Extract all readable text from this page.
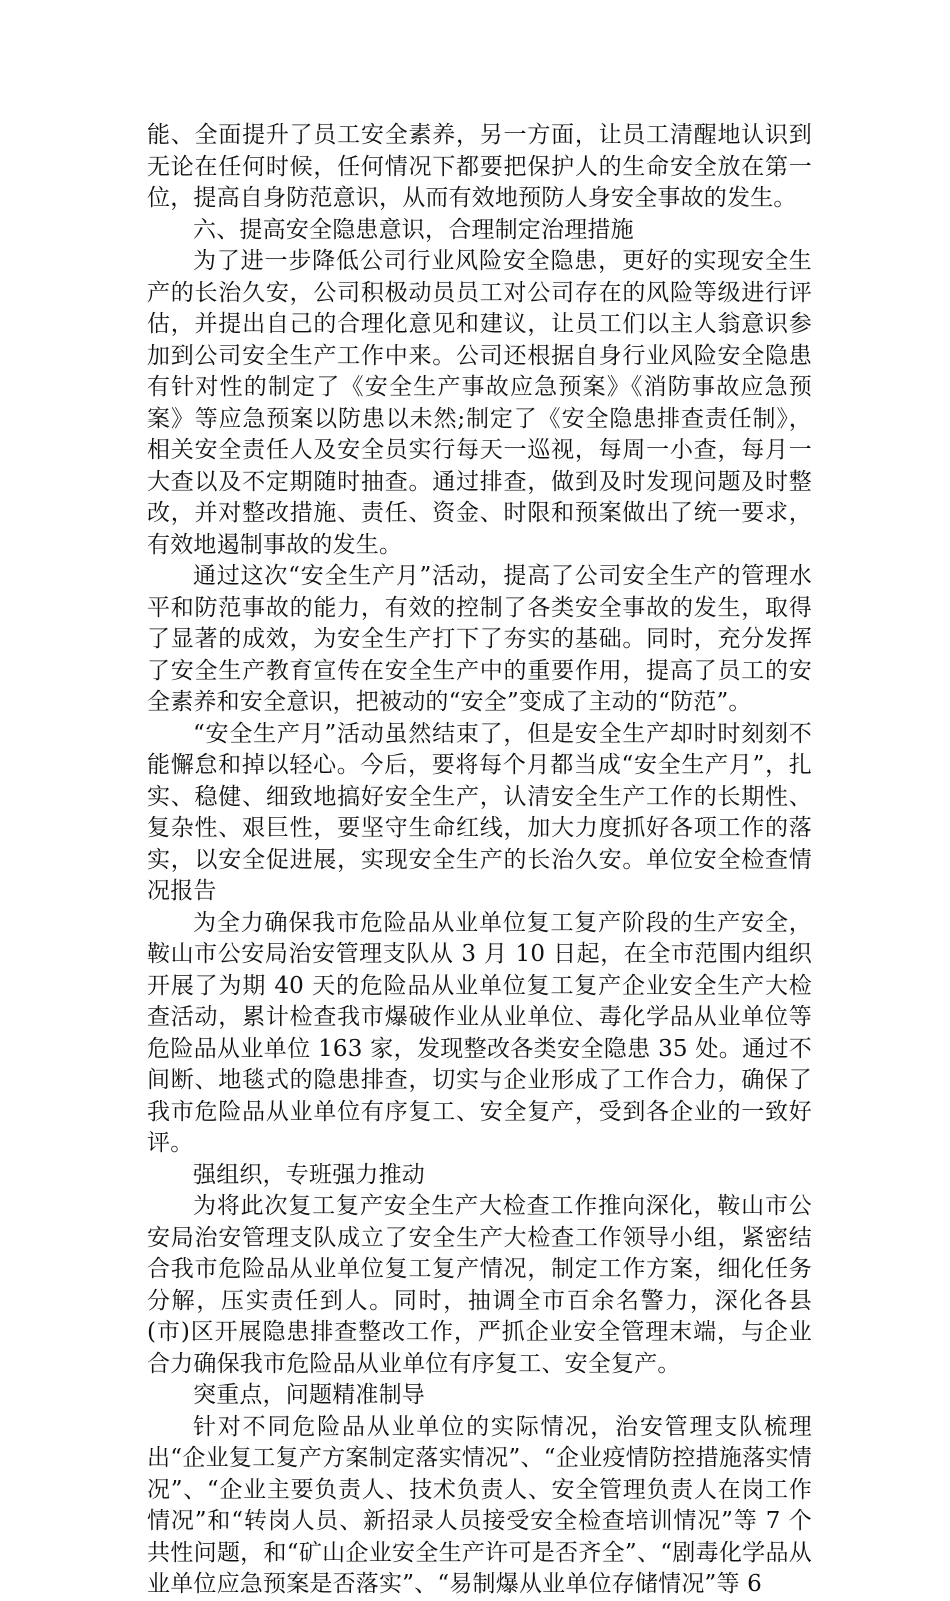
能、全面提升了员工安全素养，另一方面，让员工清醒地认识到无论在任何时候，任何情况下都要把保护人的生命安全放在第一位，提高自身防范意识，从而有效地预防人身安全事故的发生。

六、提高安全隐患意识，合理制定治理措施

为了进一步降低公司行业风险安全隐患，更好的实现安全生产的长治久安，公司积极动员员工对公司存在的风险等级进行评估，并提出自己的合理化意见和建议，让员工们以主人翁意识参加到公司安全生产工作中来。公司还根据自身行业风险安全隐患有针对性的制定了《安全生产事故应急预案》《消防事故应急预案》等应急预案以防患以未然;制定了《安全隐患排查责任制》，相关安全责任人及安全员实行每天一巡视，每周一小查，每月一大查以及不定期随时抽查。通过排查，做到及时发现问题及时整改，并对整改措施、责任、资金、时限和预案做出了统一要求，有效地遏制事故的发生。

通过这次“安全生产月”活动，提高了公司安全生产的管理水平和防范事故的能力，有效的控制了各类安全事故的发生，取得了显著的成效，为安全生产打下了夯实的基础。同时，充分发挥了安全生产教育宣传在安全生产中的重要作用，提高了员工的安全素养和安全意识，把被动的“安全”变成了主动的“防范”。

“安全生产月”活动虽然结束了，但是安全生产却时时刻刻不能懈怠和掉以轻心。今后，要将每个月都当成“安全生产月”，扎实、稳健、细致地搞好安全生产，认清安全生产工作的长期性、复杂性、艰巨性，要坚守生命红线，加大力度抓好各项工作的落实，以安全促进展，实现安全生产的长治久安。单位安全检查情况报告

为全力确保我市危险品从业单位复工复产阶段的生产安全，鞍山市公安局治安管理支队从 3 月 10 日起，在全市范围内组织开展了为期 40 天的危险品从业单位复工复产企业安全生产大检查活动，累计检查我市爆破作业从业单位、毒化学品从业单位等危险品从业单位 163 家，发现整改各类安全隐患 35 处。通过不间断、地毯式的隐患排查，切实与企业形成了工作合力，确保了我市危险品从业单位有序复工、安全复产，受到各企业的一致好评。

强组织，专班强力推动

为将此次复工复产安全生产大检查工作推向深化，鞍山市公安局治安管理支队成立了安全生产大检查工作领导小组，紧密结合我市危险品从业单位复工复产情况，制定工作方案，细化任务分解，压实责任到人。同时，抽调全市百余名警力，深化各县(市)区开展隐患排查整改工作，严抓企业安全管理末端，与企业合力确保我市危险品从业单位有序复工、安全复产。

突重点，问题精准制导

针对不同危险品从业单位的实际情况，治安管理支队梳理出“企业复工复产方案制定落实情况”、“企业疫情防控措施落实情况”、“企业主要负责人、技术负责人、安全管理负责人在岗工作情况”和“转岗人员、新招录人员接受安全检查培训情况”等 7 个共性问题，和“矿山企业安全生产许可是否齐全”、“剧毒化学品从业单位应急预案是否落实”、“易制爆从业单位存储情况”等 6
